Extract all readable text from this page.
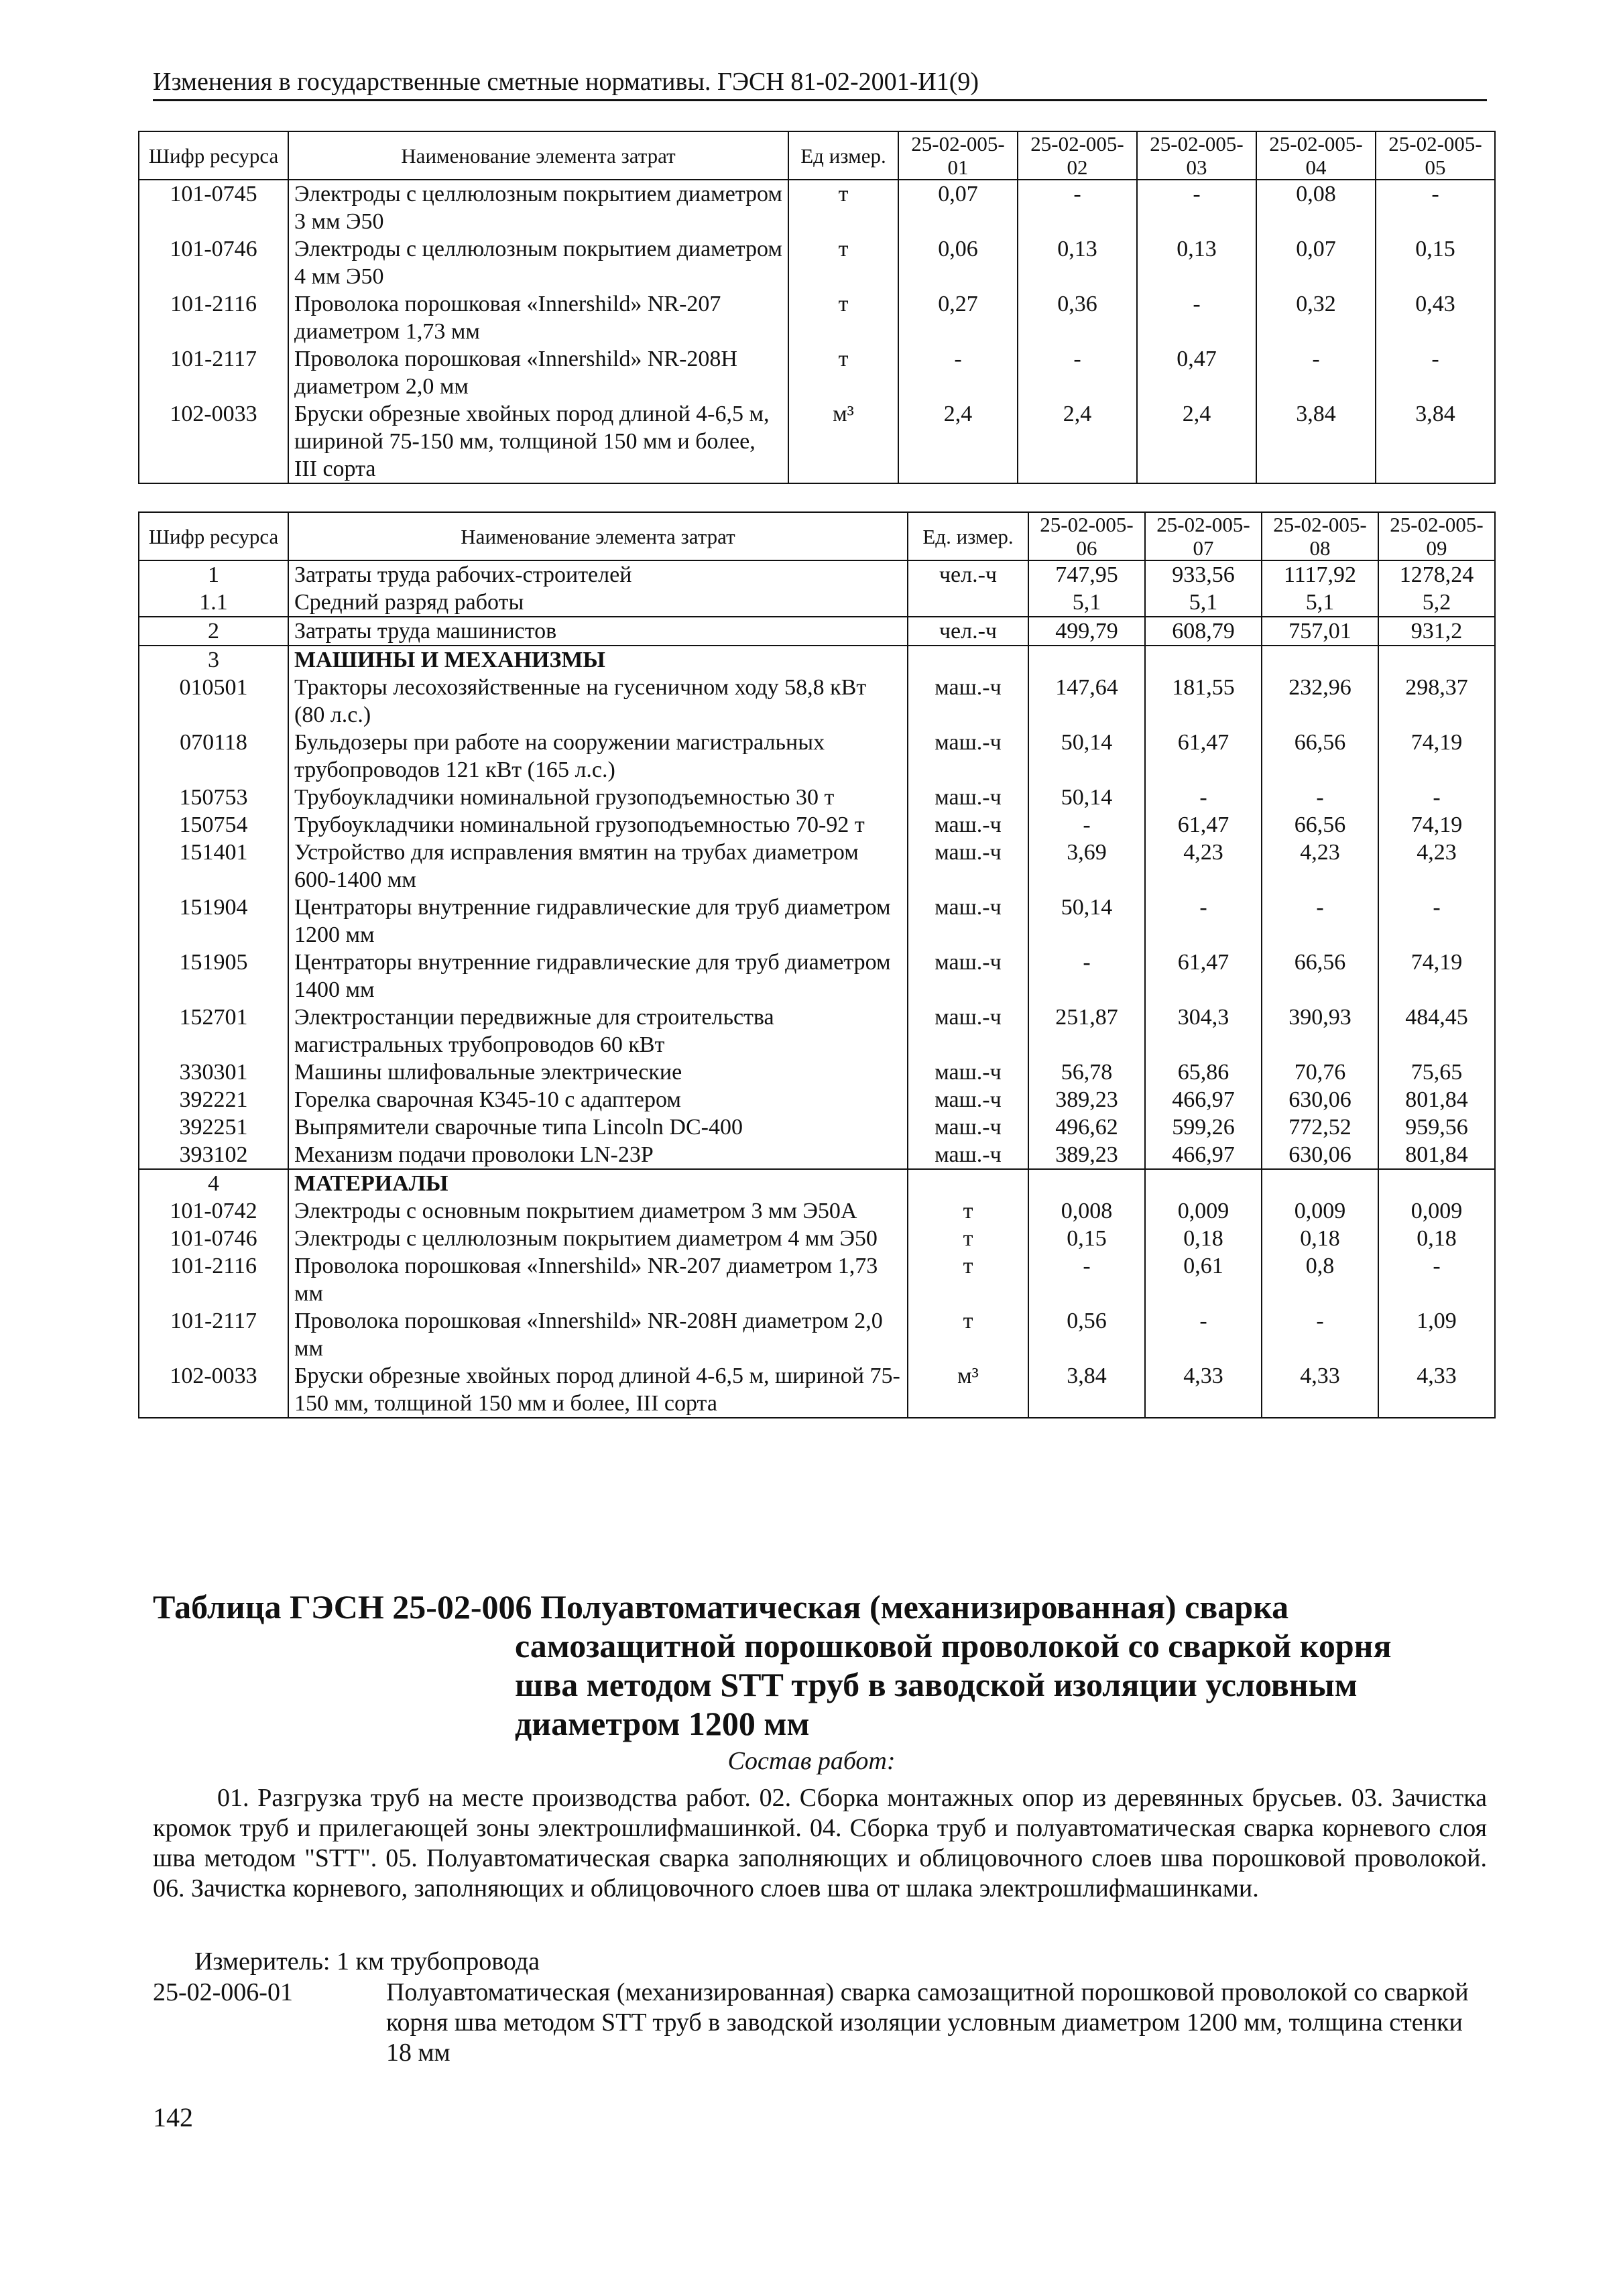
Изменения в государственные сметные нормативы. ГЭСН 81-02-2001-И1(9)
Шифр ресурса	Наименование элемента затрат	Ед измер.	25-02-005-01	25-02-005-02	25-02-005-03	25-02-005-04	25-02-005-05
101-0745	Электроды с целлюлозным покрытием диаметром 3 мм Э50	т	0,07	-	-	0,08	-
101-0746	Электроды с целлюлозным покрытием диаметром 4 мм Э50	т	0,06	0,13	0,13	0,07	0,15
101-2116	Проволока порошковая «Innershild» NR-207 диаметром 1,73 мм	т	0,27	0,36	-	0,32	0,43
101-2117	Проволока порошковая «Innershild» NR-208H диаметром 2,0 мм	т	-	-	0,47	-	-
102-0033	Бруски обрезные хвойных пород длиной 4-6,5 м, шириной 75-150 мм, толщиной 150 мм и более, III сорта	м³	2,4	2,4	2,4	3,84	3,84
Шифр ресурса	Наименование элемента затрат	Ед. измер.	25-02-005-06	25-02-005-07	25-02-005-08	25-02-005-09
1	Затраты труда рабочих-строителей	чел.-ч	747,95	933,56	1117,92	1278,24
1.1	Средний разряд работы		5,1	5,1	5,1	5,2
2	Затраты труда машинистов	чел.-ч	499,79	608,79	757,01	931,2
3	МАШИНЫ И МЕХАНИЗМЫ					
010501	Тракторы лесохозяйственные на гусеничном ходу 58,8 кВт (80 л.с.)	маш.-ч	147,64	181,55	232,96	298,37
070118	Бульдозеры при работе на сооружении магистральных трубопроводов 121 кВт (165 л.с.)	маш.-ч	50,14	61,47	66,56	74,19
150753	Трубоукладчики номинальной грузоподъемностью 30 т	маш.-ч	50,14	-	-	-
150754	Трубоукладчики номинальной грузоподъемностью 70-92 т	маш.-ч	-	61,47	66,56	74,19
151401	Устройство для исправления вмятин на трубах диаметром 600-1400 мм	маш.-ч	3,69	4,23	4,23	4,23
151904	Центраторы внутренние гидравлические для труб диаметром 1200 мм	маш.-ч	50,14	-	-	-
151905	Центраторы внутренние гидравлические для труб диаметром 1400 мм	маш.-ч	-	61,47	66,56	74,19
152701	Электростанции передвижные для строительства магистральных трубопроводов 60 кВт	маш.-ч	251,87	304,3	390,93	484,45
330301	Машины шлифовальные электрические	маш.-ч	56,78	65,86	70,76	75,65
392221	Горелка сварочная К345-10 с адаптером	маш.-ч	389,23	466,97	630,06	801,84
392251	Выпрямители сварочные типа Lincoln DC-400	маш.-ч	496,62	599,26	772,52	959,56
393102	Механизм подачи проволоки LN-23P	маш.-ч	389,23	466,97	630,06	801,84
4	МАТЕРИАЛЫ					
101-0742	Электроды с основным покрытием диаметром 3 мм Э50А	т	0,008	0,009	0,009	0,009
101-0746	Электроды с целлюлозным покрытием диаметром 4 мм Э50	т	0,15	0,18	0,18	0,18
101-2116	Проволока порошковая «Innershild» NR-207 диаметром 1,73 мм	т	-	0,61	0,8	-
101-2117	Проволока порошковая «Innershild» NR-208H диаметром 2,0 мм	т	0,56	-	-	1,09
102-0033	Бруски обрезные хвойных пород длиной 4-6,5 м, шириной 75-150 мм, толщиной 150 мм и более, III сорта	м³	3,84	4,33	4,33	4,33
Таблица ГЭСН 25-02-006 Полуавтоматическая (механизированная) сварка
самозащитной порошковой проволокой со сваркой корня
шва методом STT труб в заводской изоляции условным
диаметром 1200 мм
Состав работ:
01. Разгрузка труб на месте производства работ. 02. Сборка монтажных опор из деревянных брусьев. 03. Зачистка кромок труб и прилегающей зоны электрошлифмашинкой. 04. Сборка труб и полуавтоматическая сварка корневого слоя шва методом "STT". 05. Полуавтоматическая сварка заполняющих и облицовочного слоев шва порошковой проволокой. 06. Зачистка корневого, заполняющих и облицовочного слоев шва от шлака электрошлифмашинками.
Измеритель: 1 км трубопровода
25-02-006-01	Полуавтоматическая (механизированная) сварка самозащитной порошковой проволокой со сваркой корня шва методом STT труб в заводской изоляции условным диаметром 1200 мм, толщина стенки 18 мм
142
